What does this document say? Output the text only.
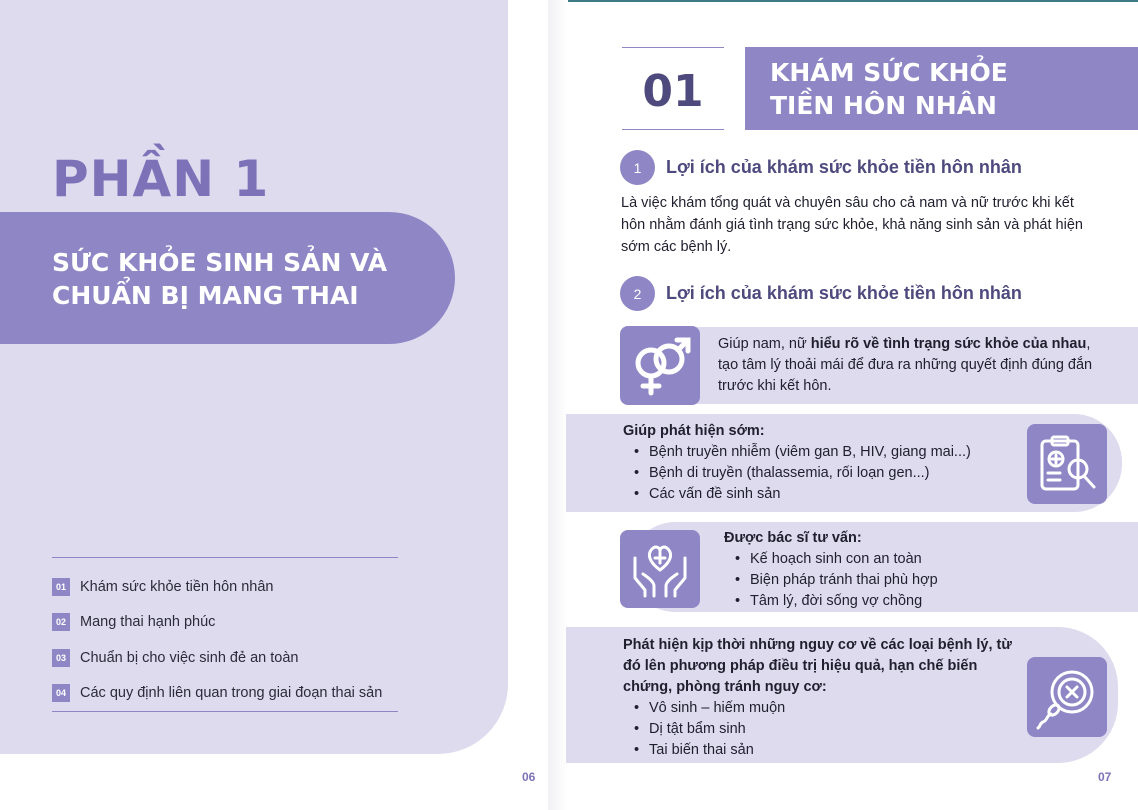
PHẦN 1
SỨC KHỎE SINH SẢN VÀ CHUẨN BỊ MANG THAI
01 Khám sức khỏe tiền hôn nhân
02 Mang thai hạnh phúc
03 Chuẩn bị cho việc sinh đẻ an toàn
04 Các quy định liên quan trong giai đoạn thai sản
06
01	KHÁM SỨC KHỎE
TIỀN HÔN NHÂN
1	Lợi ích của khám sức khỏe tiền hôn nhân
Là việc khám tổng quát và chuyên sâu cho cả nam và nữ trước khi kết hôn nhằm đánh giá tình trạng sức khỏe, khả năng sinh sản và phát hiện sớm các bệnh lý.
2	Lợi ích của khám sức khỏe tiền hôn nhân
Giúp nam, nữ hiểu rõ về tình trạng sức khỏe của nhau, tạo tâm lý thoải mái để đưa ra những quyết định đúng đắn trước khi kết hôn.
Giúp phát hiện sớm:
• Bệnh truyền nhiễm (viêm gan B, HIV, giang mai...)
• Bệnh di truyền (thalassemia, rối loạn gen...)
• Các vấn đề sinh sản
Được bác sĩ tư vấn:
• Kế hoạch sinh con an toàn
• Biện pháp tránh thai phù hợp
• Tâm lý, đời sống vợ chồng
Phát hiện kịp thời những nguy cơ về các loại bệnh lý, từ đó lên phương pháp điều trị hiệu quả, hạn chế biến chứng, phòng tránh nguy cơ:
• Vô sinh – hiếm muộn
• Dị tật bẩm sinh
• Tai biến thai sản
07
